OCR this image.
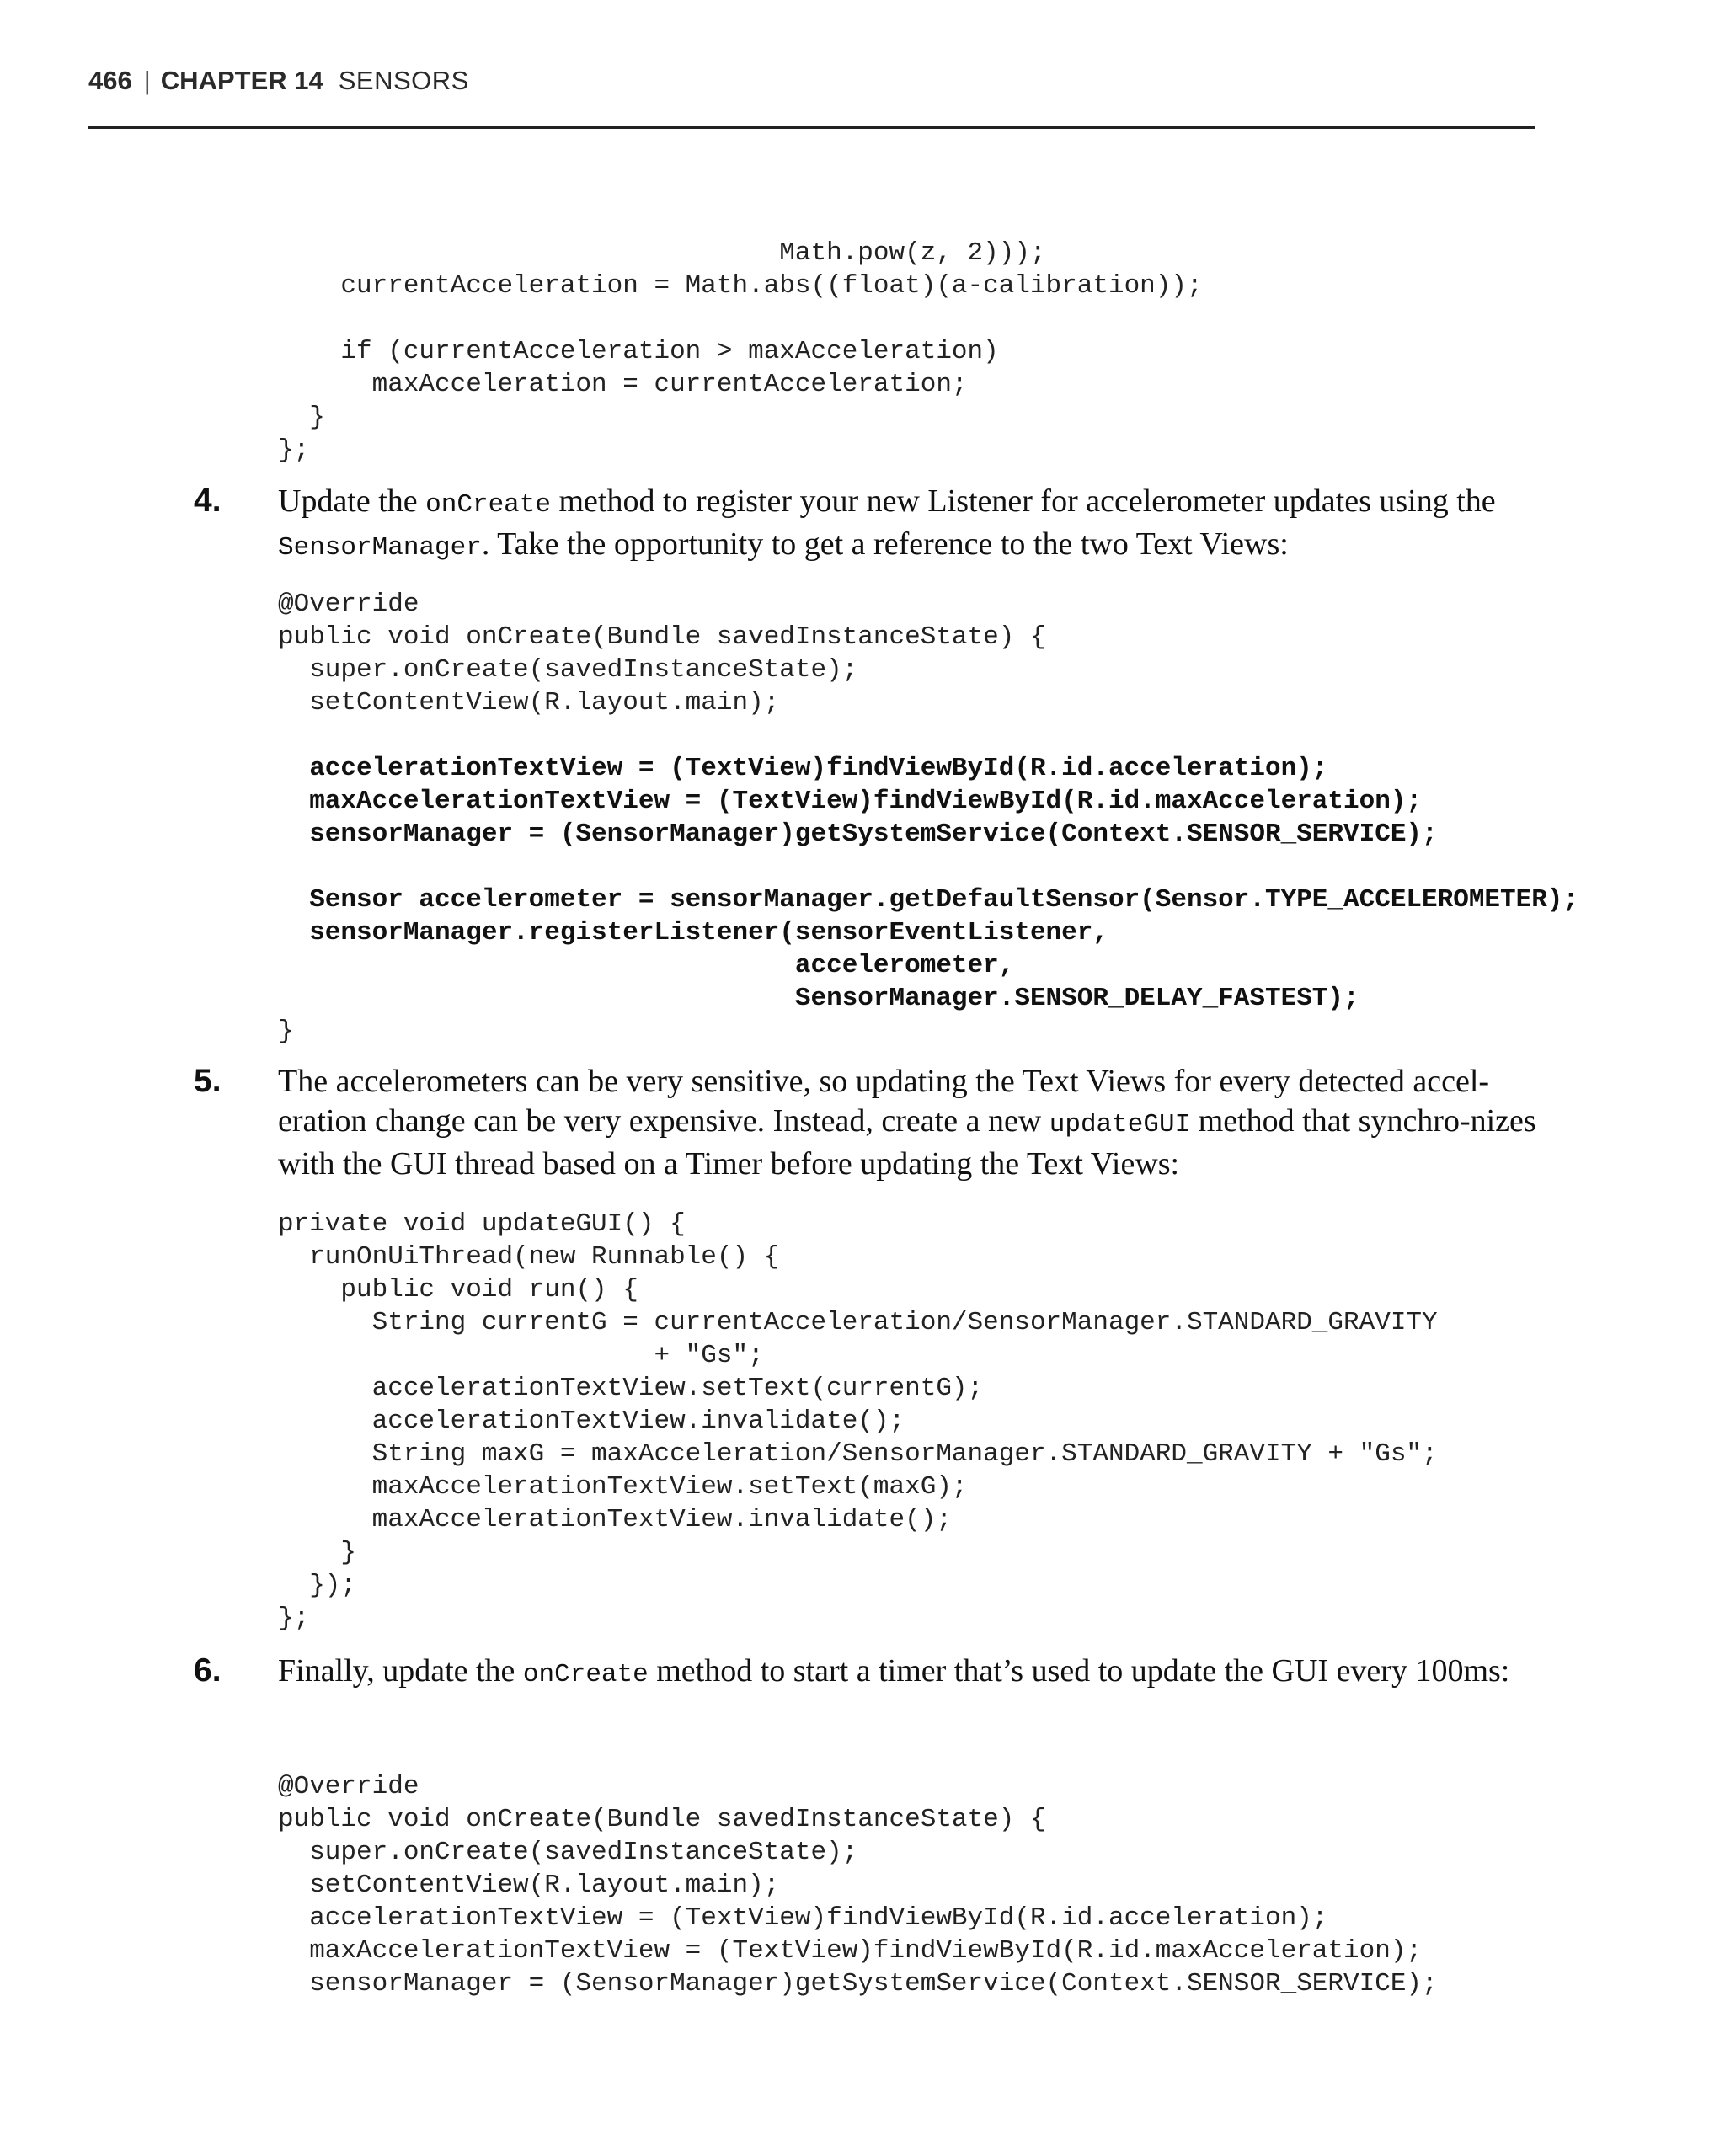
466 | CHAPTER 14 SENSORS
Math.pow(z, 2)));
currentAcceleration = Math.abs((float)(a-calibration));

if (currentAcceleration > maxAcceleration)
maxAcceleration = currentAcceleration;
}
};
4. Update the onCreate method to register your new Listener for accelerometer updates using the SensorManager. Take the opportunity to get a reference to the two Text Views:

@Override
public void onCreate(Bundle savedInstanceState) {
super.onCreate(savedInstanceState);
setContentView(R.layout.main);

accelerationTextView = (TextView)findViewById(R.id.acceleration);
maxAccelerationTextView = (TextView)findViewById(R.id.maxAcceleration);
sensorManager = (SensorManager)getSystemService(Context.SENSOR_SERVICE);

Sensor accelerometer = sensorManager.getDefaultSensor(Sensor.TYPE_ACCELEROMETER);
sensorManager.registerListener(sensorEventListener,
accelerometer,
SensorManager.SENSOR_DELAY_FASTEST);
}
5. The accelerometers can be very sensitive, so updating the Text Views for every detected accel-eration change can be very expensive. Instead, create a new updateGUI method that synchro-nizes with the GUI thread based on a Timer before updating the Text Views:

private void updateGUI() {
runOnUiThread(new Runnable() {
public void run() {
String currentG = currentAcceleration/SensorManager.STANDARD_GRAVITY
+ "Gs";
accelerationTextView.setText(currentG);
accelerationTextView.invalidate();
String maxG = maxAcceleration/SensorManager.STANDARD_GRAVITY + "Gs";
maxAccelerationTextView.setText(maxG);
maxAccelerationTextView.invalidate();
}
});
};
6. Finally, update the onCreate method to start a timer that’s used to update the GUI every 100ms:

@Override
public void onCreate(Bundle savedInstanceState) {
super.onCreate(savedInstanceState);
setContentView(R.layout.main);
accelerationTextView = (TextView)findViewById(R.id.acceleration);
maxAccelerationTextView = (TextView)findViewById(R.id.maxAcceleration);
sensorManager = (SensorManager)getSystemService(Context.SENSOR_SERVICE);
